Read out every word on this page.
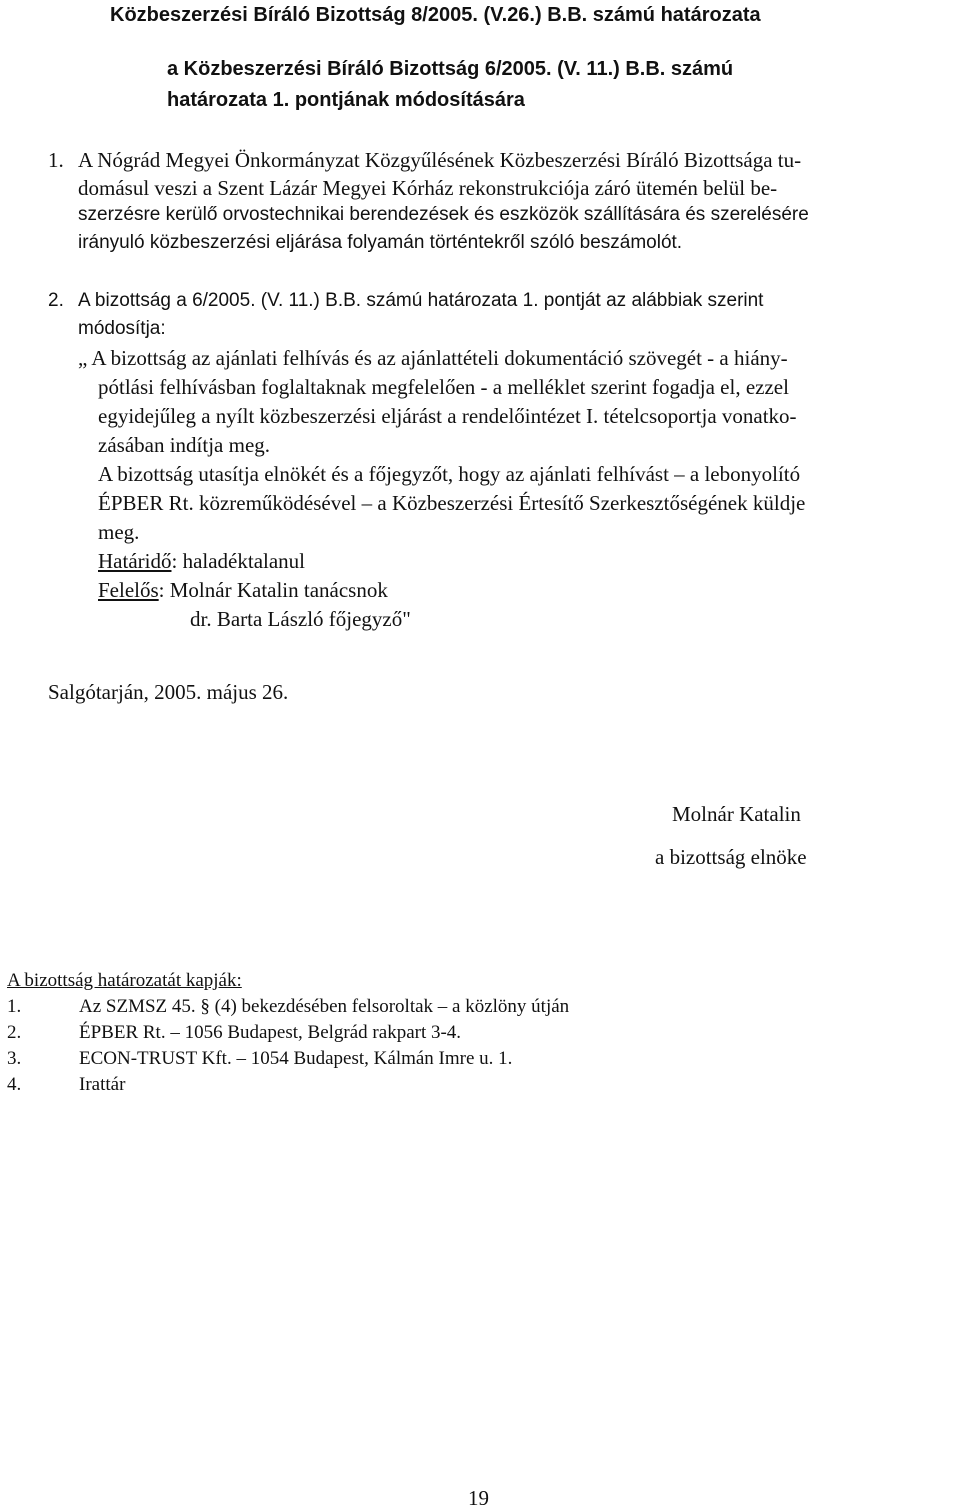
Közbeszerzési Bíráló Bizottság 8/2005. (V.26.) B.B. számú határozata
a Közbeszerzési Bíráló Bizottság 6/2005. (V. 11.) B.B. számú
határozata 1. pontjának módosítására
1. A Nógrád Megyei Önkormányzat Közgyűlésének Közbeszerzési Bíráló Bizottsága tu-
domásul veszi a Szent Lázár Megyei Kórház rekonstrukciója záró ütemén belül be-
szerzésre kerülő orvostechnikai berendezések és eszközök szállítására és szerelésére
irányuló közbeszerzési eljárása folyamán történtekről szóló beszámolót.
2. A bizottság a 6/2005. (V. 11.) B.B. számú határozata 1. pontját az alábbiak szerint
módosítja:
„ A bizottság az ajánlati felhívás és az ajánlattételi dokumentáció szövegét - a hiány-
pótlási felhívásban foglaltaknak megfelelően - a melléklet szerint fogadja el, ezzel
egyidejűleg a nyílt közbeszerzési eljárást a rendelőintézet I. tételcsoportja vonatko-
zásában indítja meg.
A bizottság utasítja elnökét és a főjegyzőt, hogy az ajánlati felhívást – a lebonyolító
ÉPBER Rt. közreműködésével – a Közbeszerzési Értesítő Szerkesztőségének küldje
meg.
Határidő: haladéktalanul
Felelős: Molnár Katalin tanácsnok
dr. Barta László főjegyző"
Salgótarján, 2005. május 26.
Molnár Katalin
a bizottság elnöke
A bizottság határozatát kapják:
1.	Az SZMSZ 45. § (4) bekezdésében felsoroltak – a közlöny útján
2.	ÉPBER Rt. – 1056 Budapest, Belgrád rakpart 3-4.
3.	ECON-TRUST Kft. – 1054 Budapest, Kálmán Imre u. 1.
4.	Irattár
19
